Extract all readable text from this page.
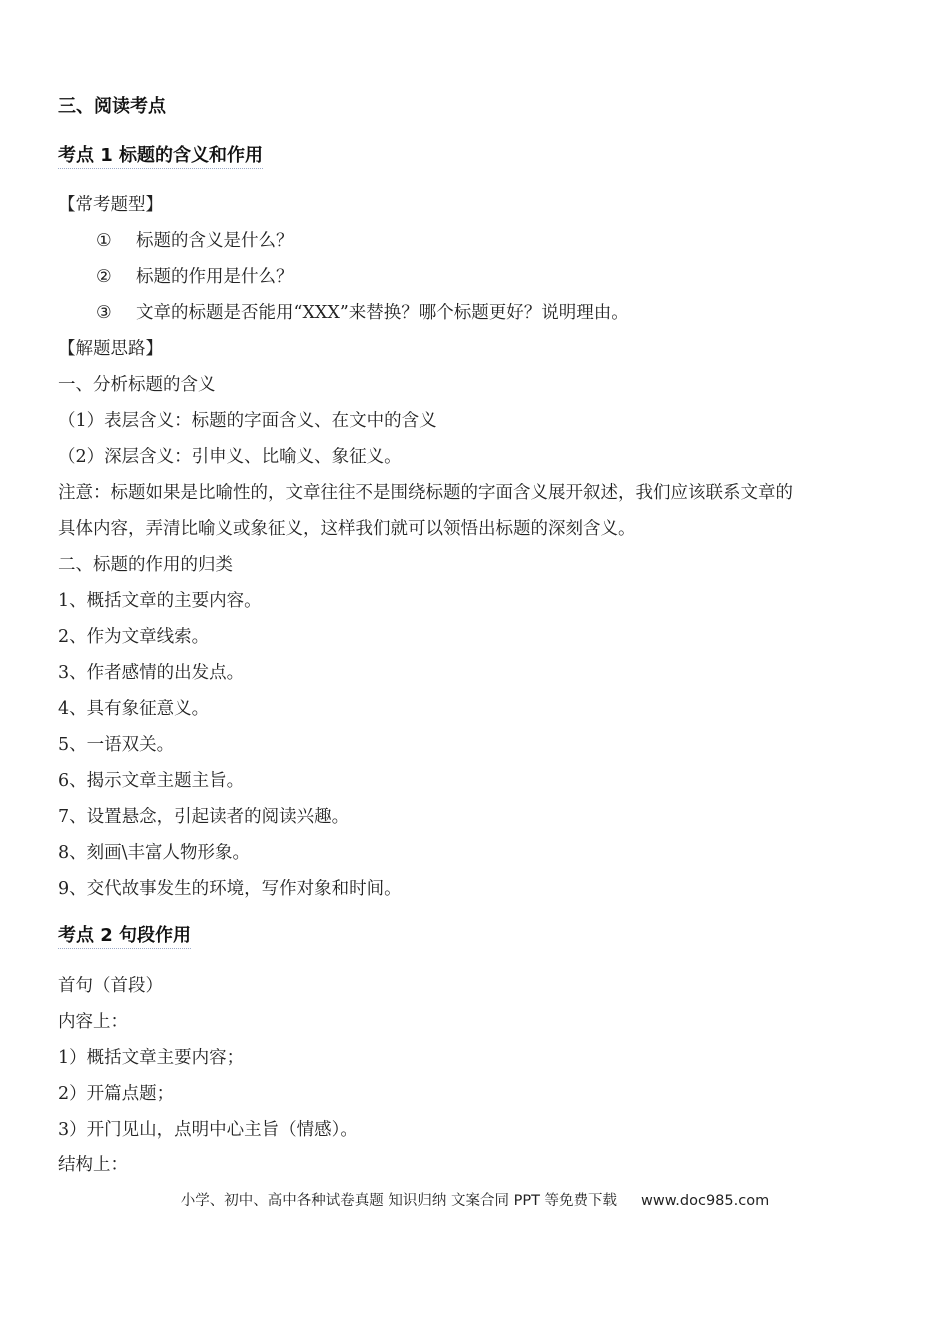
三、阅读考点
考点 1 标题的含义和作用
【常考题型】
① 标题的含义是什么？
② 标题的作用是什么？
③ 文章的标题是否能用“XXX”来替换？哪个标题更好？说明理由。
【解题思路】
一、分析标题的含义
（1）表层含义：标题的字面含义、在文中的含义
（2）深层含义：引申义、比喻义、象征义。
注意：标题如果是比喻性的，文章往往不是围绕标题的字面含义展开叙述，我们应该联系文章的
具体内容，弄清比喻义或象征义，这样我们就可以领悟出标题的深刻含义。
二、标题的作用的归类
1、概括文章的主要内容。
2、作为文章线索。
3、作者感情的出发点。
4、具有象征意义。
5、一语双关。
6、揭示文章主题主旨。
7、设置悬念，引起读者的阅读兴趣。
8、刻画\丰富人物形象。
9、交代故事发生的环境，写作对象和时间。
考点 2 句段作用
首句（首段）
内容上：
1）概括文章主要内容；
2）开篇点题；
3）开门见山，点明中心主旨（情感）。
结构上：
小学、初中、高中各种试卷真题 知识归纳 文案合同 PPT 等免费下载 www.doc985.com
